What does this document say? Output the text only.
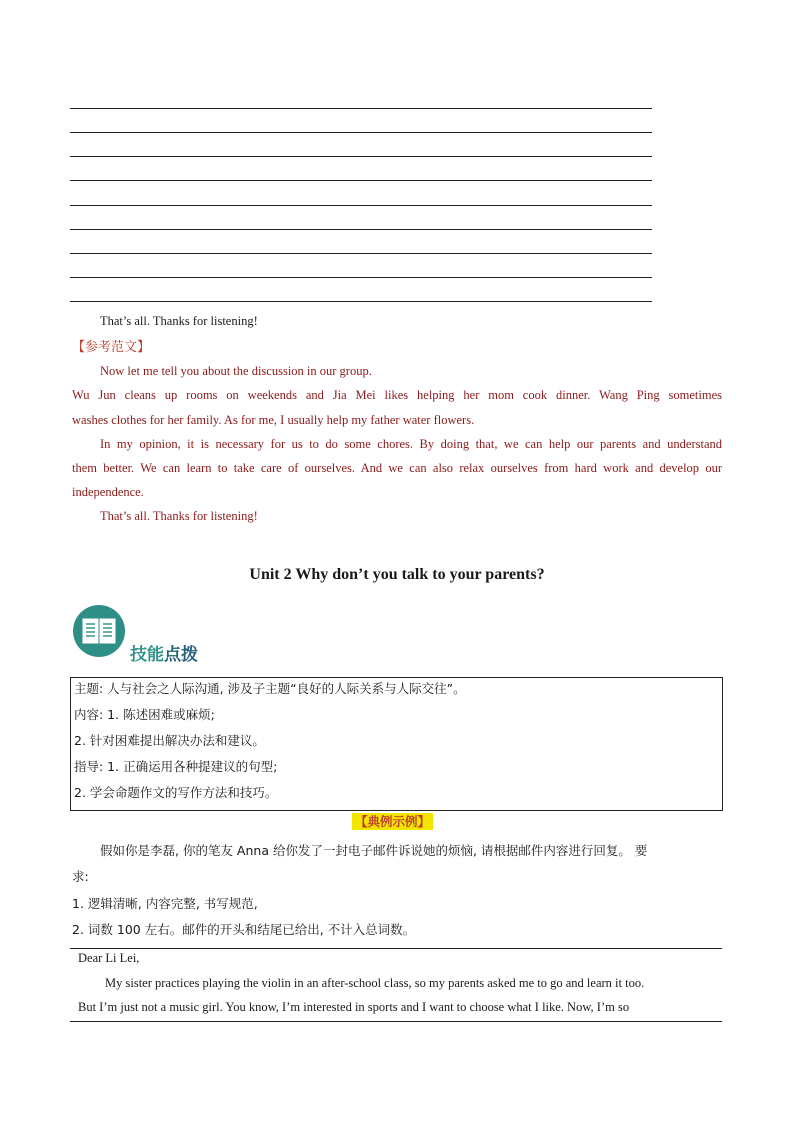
That’s all. Thanks for listening!
【参考范文】
Now let me tell you about the discussion in our group.
Wu Jun cleans up rooms on weekends and Jia Mei likes helping her mom cook dinner. Wang Ping sometimes
washes clothes for her family. As for me, I usually help my father water flowers.
In my opinion, it is necessary for us to do some chores. By doing that, we can help our parents and understand
them better. We can learn to take care of ourselves. And we can also relax ourselves from hard work and develop our
independence.
That’s all. Thanks for listening!
Unit 2 Why don’t you talk to your parents?
技能点拨
主题: 人与社会之人际沟通, 涉及子主题“良好的人际关系与人际交往”。
内容: 1. 陈述困难或麻烦;
2. 针对困难提出解决办法和建议。
指导: 1. 正确运用各种提建议的句型;
2. 学会命题作文的写作方法和技巧。
【典例示例】
假如你是李磊, 你的笔友 Anna 给你发了一封电子邮件诉说她的烦恼, 请根据邮件内容进行回复。 要
求:
1. 逻辑清晰, 内容完整, 书写规范,
2. 词数 100 左右。邮件的开头和结尾已给出, 不计入总词数。
Dear Li Lei,
My sister practices playing the violin in an after-school class, so my parents asked me to go and learn it too.
But I’m just not a music girl. You know, I’m interested in sports and I want to choose what I like. Now, I’m so
